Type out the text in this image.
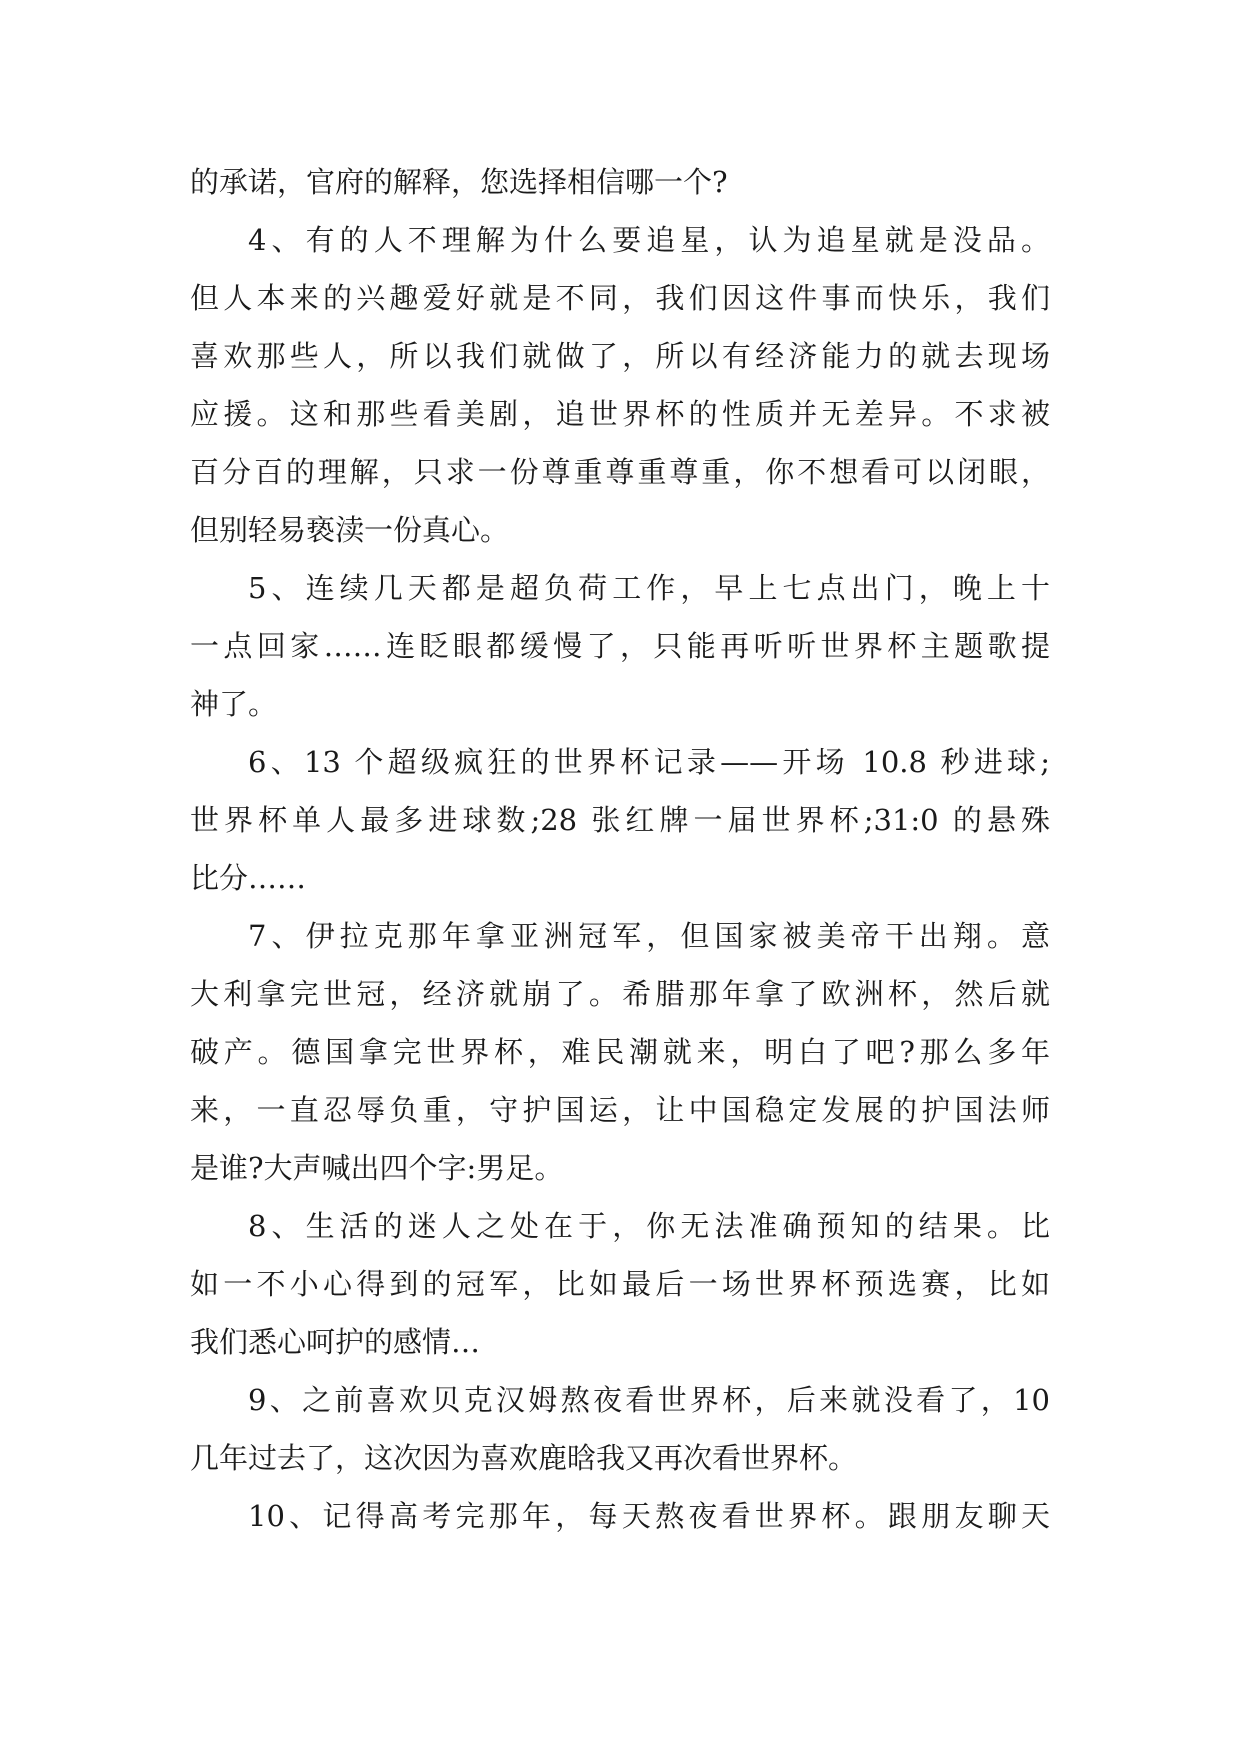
的承诺，官府的解释，您选择相信哪一个?
4、有的人不理解为什么要追星，认为追星就是没品。
但人本来的兴趣爱好就是不同，我们因这件事而快乐，我们
喜欢那些人，所以我们就做了，所以有经济能力的就去现场
应援。这和那些看美剧，追世界杯的性质并无差异。不求被
百分百的理解，只求一份尊重尊重尊重，你不想看可以闭眼，
但别轻易亵渎一份真心。
5、连续几天都是超负荷工作，早上七点出门，晚上十
一点回家……连眨眼都缓慢了，只能再听听世界杯主题歌提
神了。
6、13 个超级疯狂的世界杯记录——开场 10.8 秒进球;
世界杯单人最多进球数;28 张红牌一届世界杯;31:0 的悬殊
比分……
7、伊拉克那年拿亚洲冠军，但国家被美帝干出翔。意
大利拿完世冠，经济就崩了。希腊那年拿了欧洲杯，然后就
破产。德国拿完世界杯，难民潮就来，明白了吧?那么多年
来，一直忍辱负重，守护国运，让中国稳定发展的护国法师
是谁?大声喊出四个字:男足。
8、生活的迷人之处在于，你无法准确预知的结果。比
如一不小心得到的冠军，比如最后一场世界杯预选赛，比如
我们悉心呵护的感情…
9、之前喜欢贝克汉姆熬夜看世界杯，后来就没看了，10
几年过去了，这次因为喜欢鹿晗我又再次看世界杯。
10、记得高考完那年，每天熬夜看世界杯。跟朋友聊天
